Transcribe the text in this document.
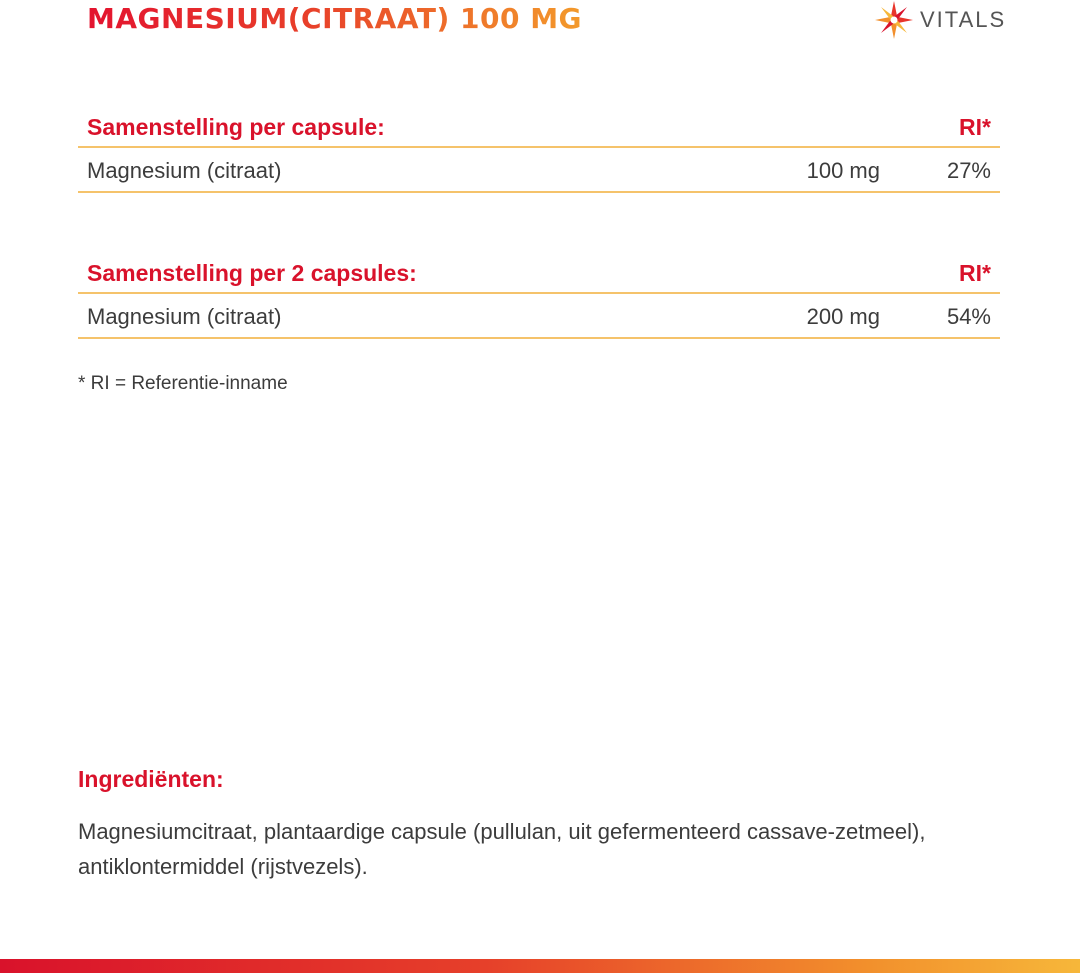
MAGNESIUM(CITRAAT) 100 MG	VITALS
Samenstelling per capsule:	RI*
Magnesium (citraat)	100 mg	27%
Samenstelling per 2 capsules:	RI*
Magnesium (citraat)	200 mg	54%
* RI = Referentie-inname
Ingrediënten:

Magnesiumcitraat, plantaardige capsule (pullulan, uit gefermenteerd cassave-zetmeel), antiklontermiddel (rijstvezels).
